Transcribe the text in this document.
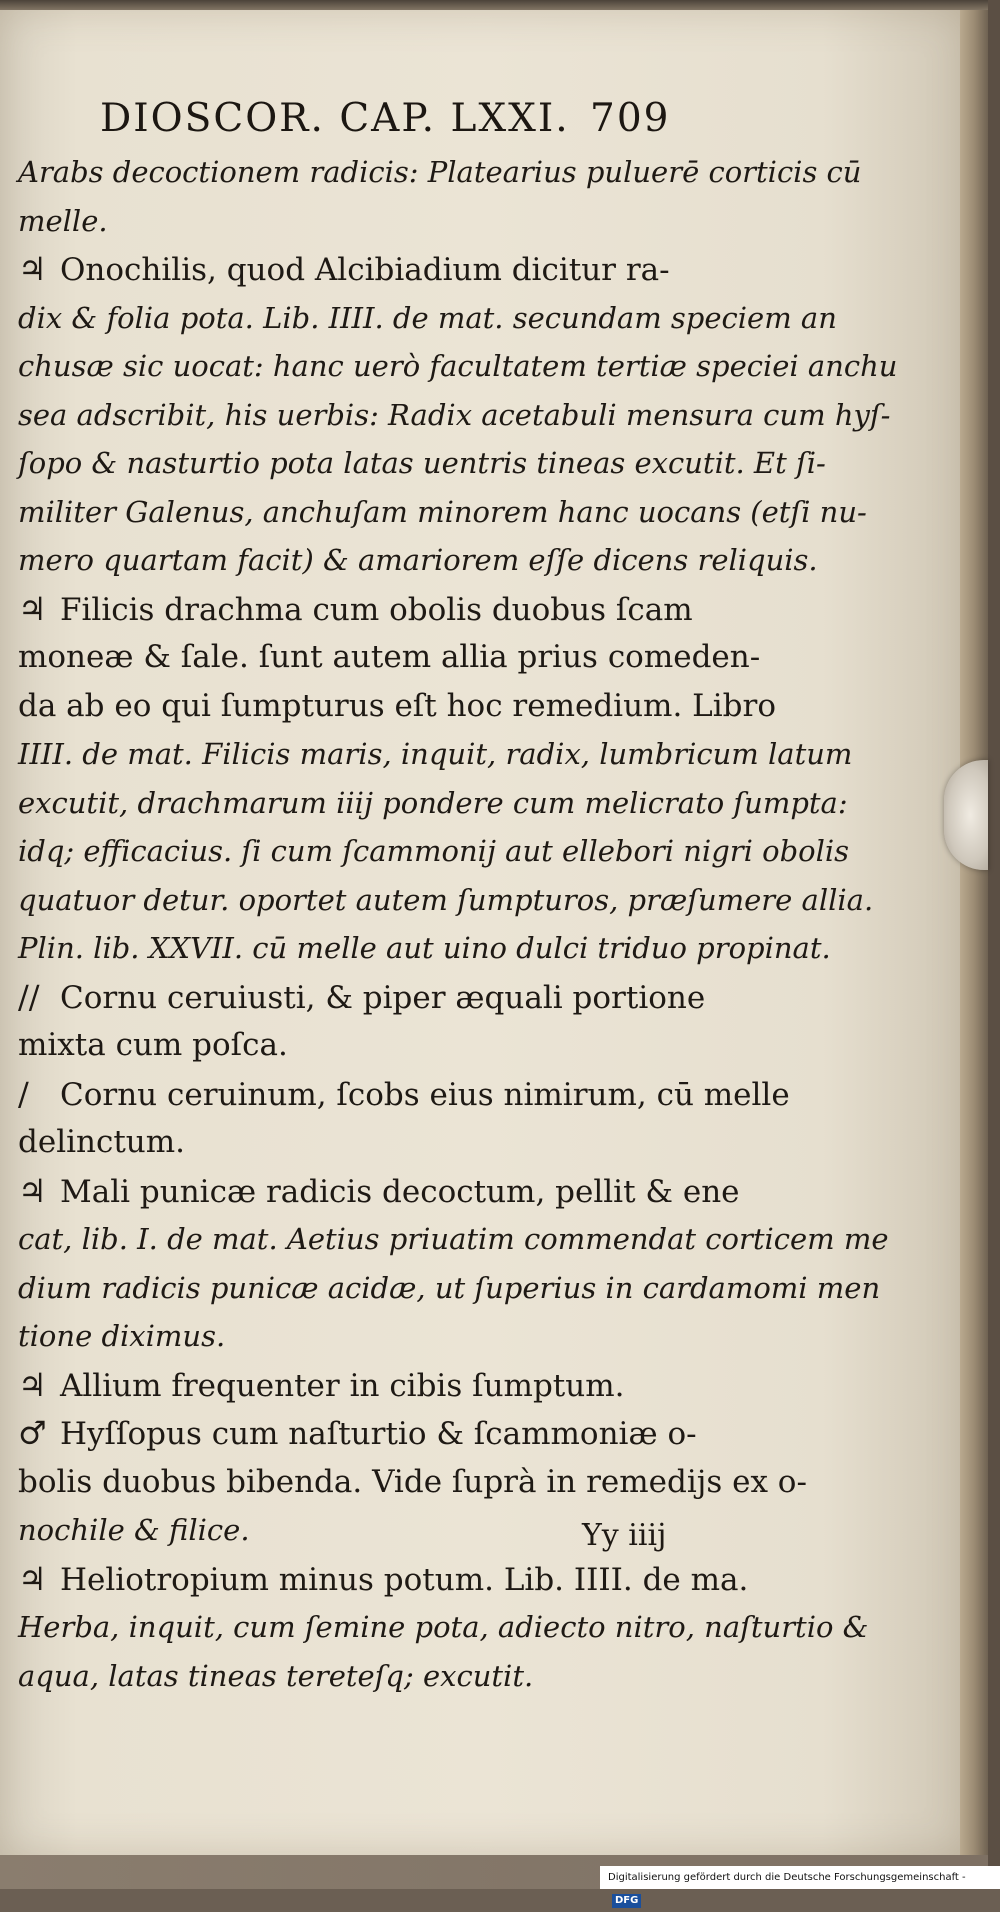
DIOSCOR. CAP. LXXI. 709
Arabs decoctionem radicis: Platearius puluerē corticis cū
melle.
♃ Onochilis, quod Alcibiadium dicitur ra-
dix & folia pota. Lib. IIII. de mat. secundam speciem an
chusæ sic uocat: hanc uerò facultatem tertiæ speciei anchu
sea adscribit, his uerbis: Radix acetabuli mensura cum hyſ-
ſopo & nasturtio pota latas uentris tineas excutit. Et ſi-
militer Galenus, anchuſam minorem hanc uocans (etſi nu-
mero quartam facit) & amariorem eſſe dicens reliquis.
♃ Filicis drachma cum obolis duobus ſcam
moneæ & ſale. ſunt autem allia prius comeden-
da ab eo qui ſumpturus eſt hoc remedium. Libro
IIII. de mat. Filicis maris, inquit, radix, lumbricum latum
excutit, drachmarum iiij pondere cum melicrato ſumpta:
idq; efficacius. ſi cum ſcammonij aut ellebori nigri obolis
quatuor detur. oportet autem ſumpturos, præſumere allia.
Plin. lib. XXVII. cū melle aut uino dulci triduo propinat.
// Cornu ceruiusti, & piper æquali portione
mixta cum poſca.
/ Cornu ceruinum, ſcobs eius nimirum, cū melle
delinctum.
♃ Mali punicæ radicis decoctum, pellit & ene
cat, lib. I. de mat. Aetius priuatim commendat corticem me
dium radicis punicæ acidæ, ut ſuperius in cardamomi men
tione diximus.
♃ Allium frequenter in cibis ſumptum.
♂ Hyſſopus cum naſturtio & ſcammoniæ o-
bolis duobus bibenda. Vide ſuprà in remedijs ex o-
nochile & filice.
♃ Heliotropium minus potum. Lib. IIII. de ma.
Herba, inquit, cum ſemine pota, adiecto nitro, naſturtio &
aqua, latas tineas tereteſq; excutit.
Yy iiij
Digitalisierung gefördert durch die Deutsche Forschungsgemeinschaft - DFG
